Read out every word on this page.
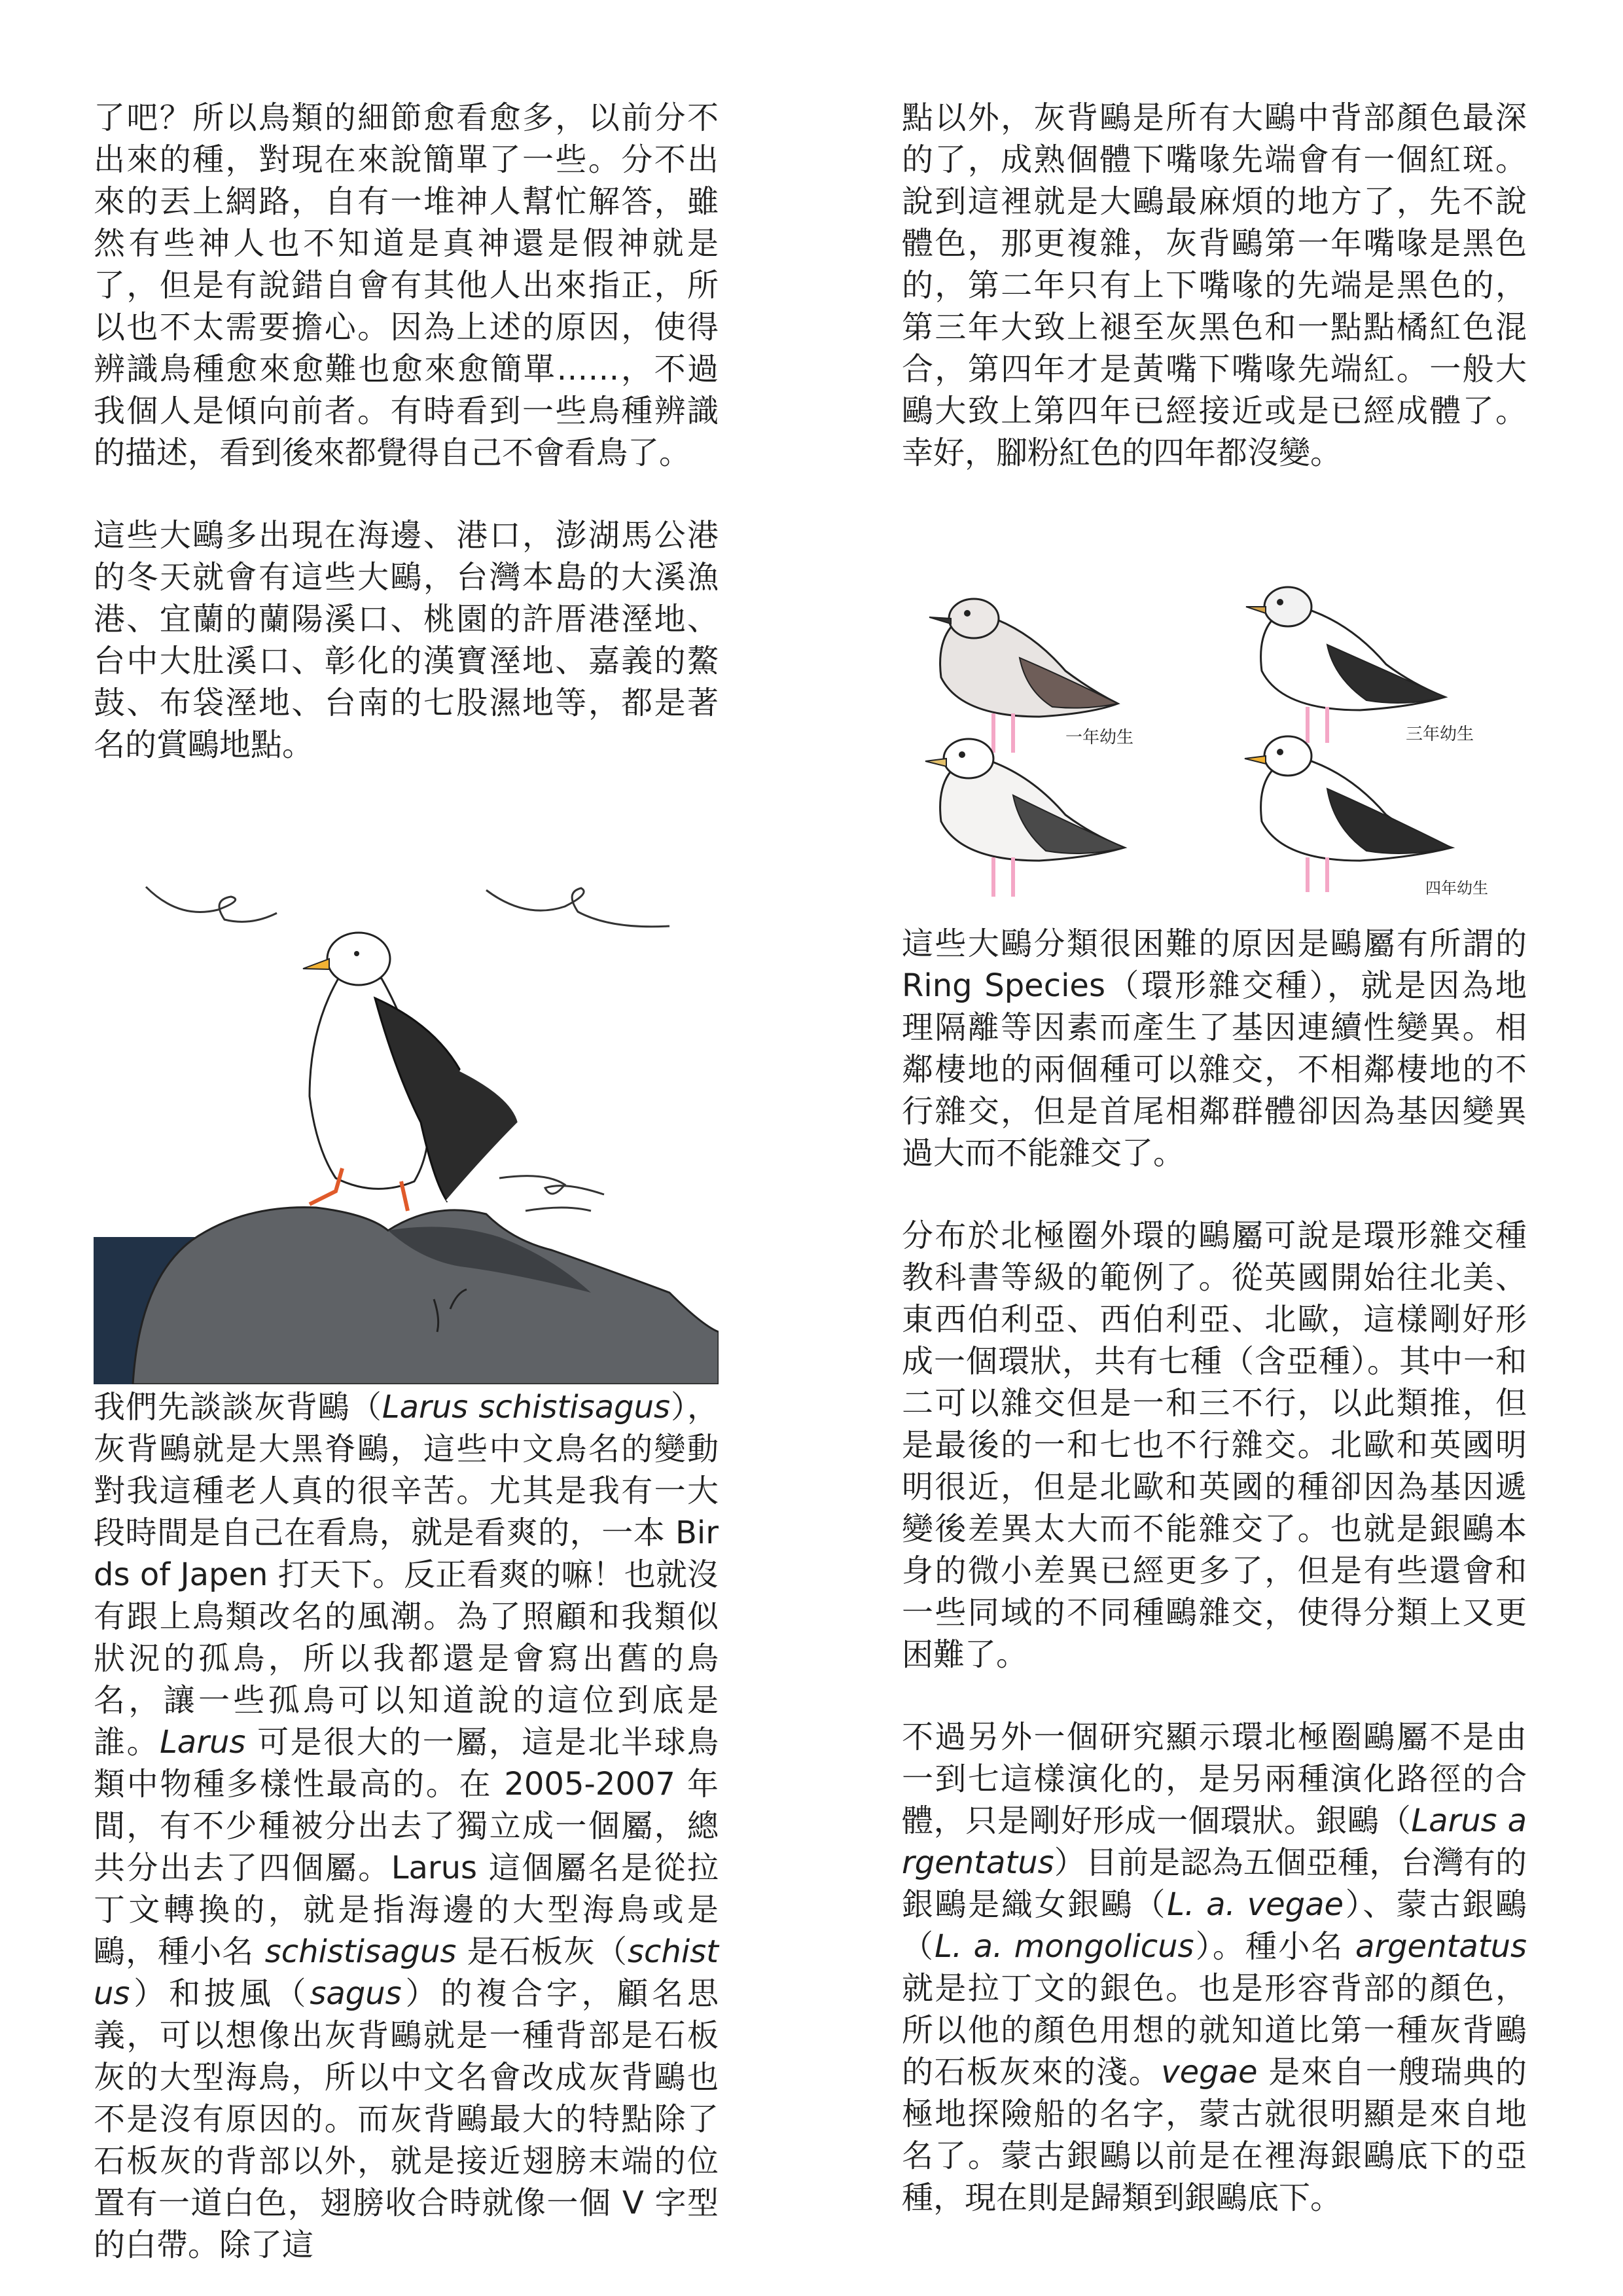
了吧？所以鳥類的細節愈看愈多，以前分不出來的種，對現在來說簡單了一些。分不出來的丟上網路，自有一堆神人幫忙解答，雖然有些神人也不知道是真神還是假神就是了，但是有說錯自會有其他人出來指正，所以也不太需要擔心。因為上述的原因，使得辨識鳥種愈來愈難也愈來愈簡單……，不過我個人是傾向前者。有時看到一些鳥種辨識的描述，看到後來都覺得自己不會看鳥了。

這些大鷗多出現在海邊、港口，澎湖馬公港的冬天就會有這些大鷗，台灣本島的大溪漁港、宜蘭的蘭陽溪口、桃園的許厝港溼地、台中大肚溪口、彰化的漢寶溼地、嘉義的鰲鼓、布袋溼地、台南的七股濕地等，都是著名的賞鷗地點。

我們先談談灰背鷗（Larus schistisagus），灰背鷗就是大黑脊鷗，這些中文鳥名的變動對我這種老人真的很辛苦。尤其是我有一大段時間是自己在看鳥，就是看爽的，一本 Birds of Japen 打天下。反正看爽的嘛！也就沒有跟上鳥類改名的風潮。為了照顧和我類似狀況的孤鳥，所以我都還是會寫出舊的鳥名，讓一些孤鳥可以知道說的這位到底是誰。Larus 可是很大的一屬，這是北半球鳥類中物種多樣性最高的。在 2005-2007 年間，有不少種被分出去了獨立成一個屬，總共分出去了四個屬。Larus 這個屬名是從拉丁文轉換的，就是指海邊的大型海鳥或是鷗，種小名 schistisagus 是石板灰（schistus）和披風（sagus）的複合字，顧名思義，可以想像出灰背鷗就是一種背部是石板灰的大型海鳥，所以中文名會改成灰背鷗也不是沒有原因的。而灰背鷗最大的特點除了石板灰的背部以外，就是接近翅膀末端的位置有一道白色，翅膀收合時就像一個 V 字型的白帶。除了這

點以外，灰背鷗是所有大鷗中背部顏色最深的了，成熟個體下嘴喙先端會有一個紅斑。說到這裡就是大鷗最麻煩的地方了，先不說體色，那更複雜，灰背鷗第一年嘴喙是黑色的，第二年只有上下嘴喙的先端是黑色的，第三年大致上褪至灰黑色和一點點橘紅色混合，第四年才是黃嘴下嘴喙先端紅。一般大鷗大致上第四年已經接近或是已經成體了。幸好，腳粉紅色的四年都沒變。

一年幼生	三年幼生
四年幼生

這些大鷗分類很困難的原因是鷗屬有所謂的 Ring Species（環形雜交種），就是因為地理隔離等因素而產生了基因連續性變異。相鄰棲地的兩個種可以雜交，不相鄰棲地的不行雜交，但是首尾相鄰群體卻因為基因變異過大而不能雜交了。

分布於北極圈外環的鷗屬可說是環形雜交種教科書等級的範例了。從英國開始往北美、東西伯利亞、西伯利亞、北歐，這樣剛好形成一個環狀，共有七種（含亞種）。其中一和二可以雜交但是一和三不行，以此類推，但是最後的一和七也不行雜交。北歐和英國明明很近，但是北歐和英國的種卻因為基因遞變後差異太大而不能雜交了。也就是銀鷗本身的微小差異已經更多了，但是有些還會和一些同域的不同種鷗雜交，使得分類上又更困難了。

不過另外一個研究顯示環北極圈鷗屬不是由一到七這樣演化的，是另兩種演化路徑的合體，只是剛好形成一個環狀。銀鷗（Larus argentatus）目前是認為五個亞種，台灣有的銀鷗是織女銀鷗（L. a. vegae）、蒙古銀鷗（L. a. mongolicus）。種小名 argentatus 就是拉丁文的銀色。也是形容背部的顏色，所以他的顏色用想的就知道比第一種灰背鷗的石板灰來的淺。vegae 是來自一艘瑞典的極地探險船的名字，蒙古就很明顯是來自地名了。蒙古銀鷗以前是在裡海銀鷗底下的亞種，現在則是歸類到銀鷗底下。
